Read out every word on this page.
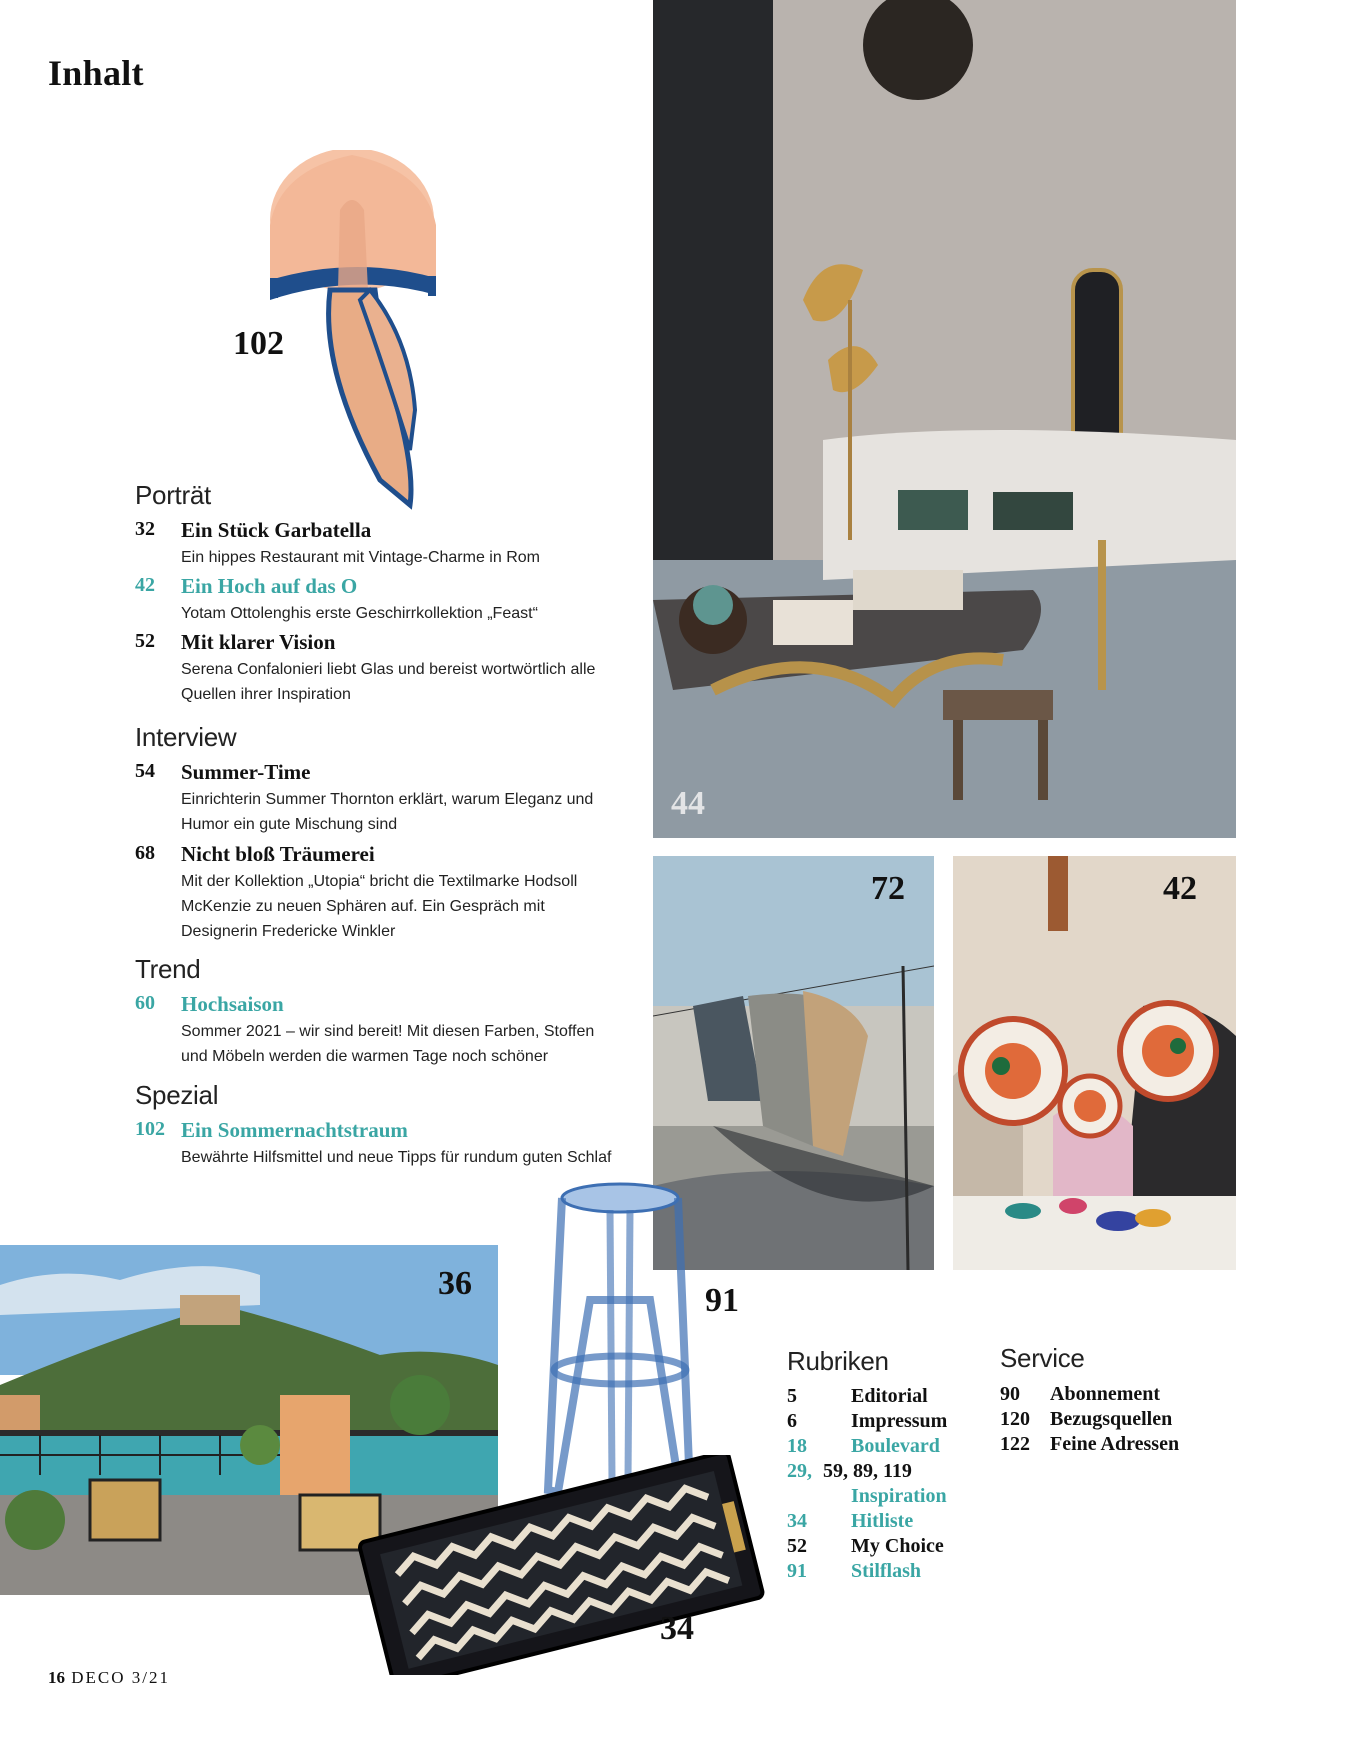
Inhalt
102
44
72	42
Porträt
32 Ein Stück Garbatella
Ein hippes Restaurant mit Vintage-Charme in Rom
42 Ein Hoch auf das O
Yotam Ottolenghis erste Geschirrkollektion „Feast“
52 Mit klarer Vision
Serena Confalonieri liebt Glas und bereist wortwörtlich alle Quellen ihrer Inspiration
Interview
54 Summer-Time
Einrichterin Summer Thornton erklärt, warum Eleganz und Humor ein gute Mischung sind
68 Nicht bloß Träumerei
Mit der Kollektion „Utopia“ bricht die Textilmarke Hodsoll McKenzie zu neuen Sphären auf. Ein Gespräch mit Designerin Fredericke Winkler
Trend
60 Hochsaison
Sommer 2021 – wir sind bereit! Mit diesen Farben, Stoffen und Möbeln werden die warmen Tage noch schöner
Spezial
102 Ein Sommernachtstraum
Bewährte Hilfsmittel und neue Tipps für rundum guten Schlaf
36	91
34
Rubriken
5	Editorial
6	Impressum
18 Boulevard
29, 59, 89, 119
Inspiration
34 Hitliste
52 My Choice
91 Stilflash
Service
90 Abonnement
120 Bezugsquellen
122 Feine Adressen
16 DECO 3/21
